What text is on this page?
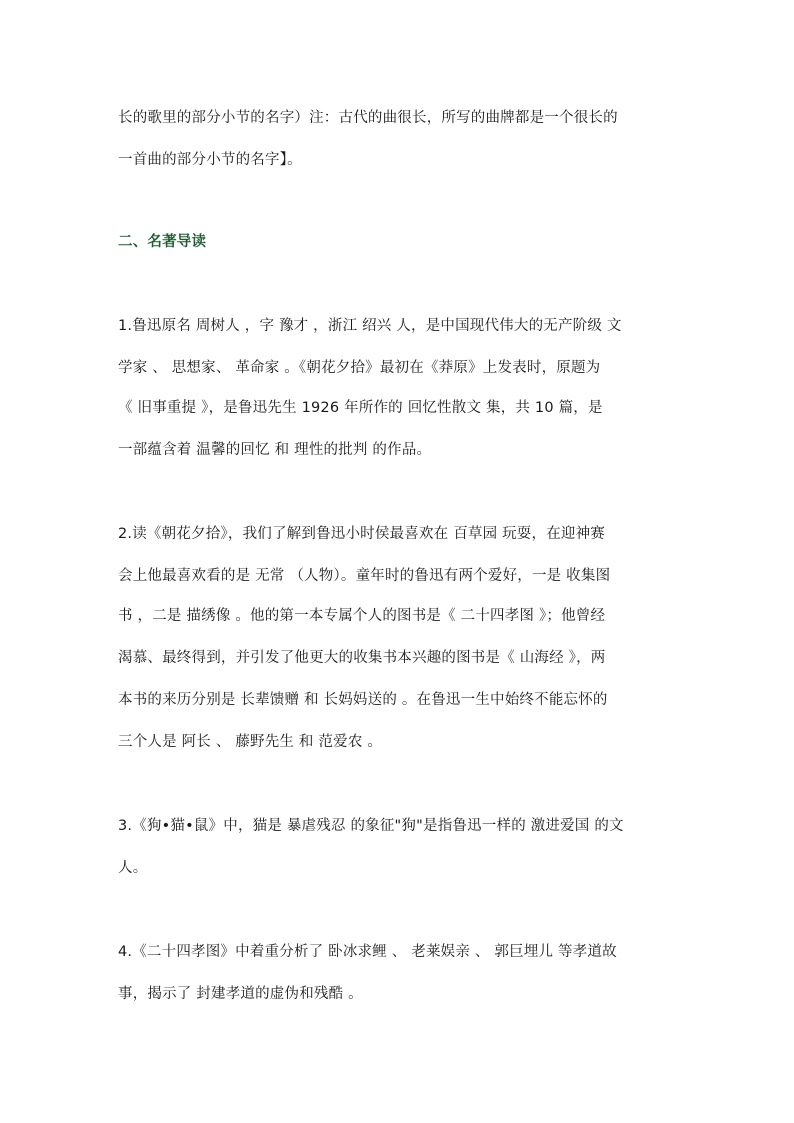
长的歌里的部分小节的名字）注：古代的曲很长，所写的曲牌都是一个很长的
一首曲的部分小节的名字】。
二、名著导读
1.鲁迅原名 周树人 ，字 豫才 ，浙江 绍兴 人，是中国现代伟大的无产阶级 文
学家 、 思想家、 革命家 。《朝花夕拾》最初在《莽原》上发表时，原题为
《 旧事重提 》，是鲁迅先生 1926 年所作的 回忆性散文 集，共 10 篇，是
一部蕴含着 温馨的回忆 和 理性的批判 的作品。
2.读《朝花夕拾》，我们了解到鲁迅小时侯最喜欢在 百草园 玩耍，在迎神赛
会上他最喜欢看的是 无常 （人物）。童年时的鲁迅有两个爱好，一是 收集图
书 ，二是 描绣像 。他的第一本专属个人的图书是《 二十四孝图 》；他曾经
渴慕、最终得到，并引发了他更大的收集书本兴趣的图书是《 山海经 》，两
本书的来历分别是 长辈馈赠 和 长妈妈送的 。在鲁迅一生中始终不能忘怀的
三个人是 阿长 、 藤野先生 和 范爱农 。
3.《狗•猫•鼠》中，猫是 暴虐残忍 的象征"狗"是指鲁迅一样的 激进爱国 的文
人。
4.《二十四孝图》中着重分析了 卧冰求鲤 、 老莱娱亲 、 郭巨埋儿 等孝道故
事，揭示了 封建孝道的虚伪和残酷 。
